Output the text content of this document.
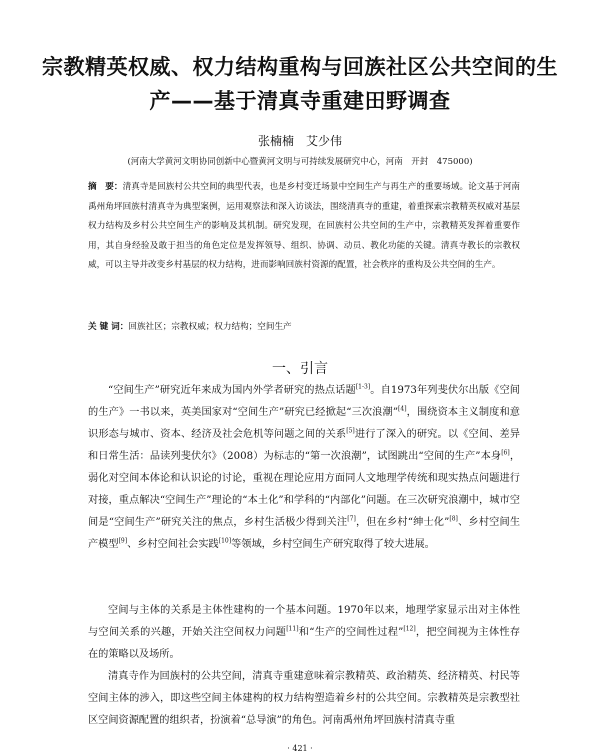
宗教精英权威、权力结构重构与回族社区公共空间的生产——基于清真寺重建田野调查
张楠楠　艾少伟
(河南大学黄河文明协同创新中心暨黄河文明与可持续发展研究中心，河南　开封　475000)
摘　要：清真寺是回族村公共空间的典型代表，也是乡村变迁场景中空间生产与再生产的重要场域。论文基于河南禹州角坪回族村清真寺为典型案例，运用观察法和深入访谈法，围绕清真寺的重建，着重探索宗教精英权威对基层权力结构及乡村公共空间生产的影响及其机制。研究发现，在回族村公共空间的生产中，宗教精英发挥着重要作用，其自身经验及敢于担当的角色定位是发挥领导、组织、协调、动员、教化功能的关键。清真寺教长的宗教权威，可以主导并改变乡村基层的权力结构，进而影响回族村资源的配置，社会秩序的重构及公共空间的生产。
关 键 词：回族社区；宗教权威；权力结构；空间生产
一、引言
“空间生产”研究近年来成为国内外学者研究的热点话题[1-3]。自1973年列斐伏尔出版《空间的生产》一书以来，英美国家对“空间生产”研究已经掀起“三次浪潮”[4]，围绕资本主义制度和意识形态与城市、资本、经济及社会危机等问题之间的关系[5]进行了深入的研究。以《空间、差异和日常生活：品读列斐伏尔》（2008）为标志的“第一次浪潮”，试图跳出“空间的生产”本身[6]，弱化对空间本体论和认识论的讨论，重视在理论应用方面同人文地理学传统和现实热点问题进行对接，重点解决“空间生产”理论的“本土化”和学科的“内部化”问题。在三次研究浪潮中，城市空间是“空间生产”研究关注的焦点，乡村生活极少得到关注[7]，但在乡村“绅士化”[8]、乡村空间生产模型[9]、乡村空间社会实践[10]等领域，乡村空间生产研究取得了较大进展。
空间与主体的关系是主体性建构的一个基本问题。1970年以来，地理学家显示出对主体性与空间关系的兴趣，开始关注空间权力问题[11]和“生产的空间性过程”[12]，把空间视为主体性存在的策略以及场所。
清真寺作为回族村的公共空间，清真寺重建意味着宗教精英、政治精英、经济精英、村民等空间主体的涉入，即这些空间主体建构的权力结构塑造着乡村的公共空间。宗教精英是宗教型社区空间资源配置的组织者，扮演着“总导演”的角色。河南禹州角坪回族村清真寺重
· 421 ·
